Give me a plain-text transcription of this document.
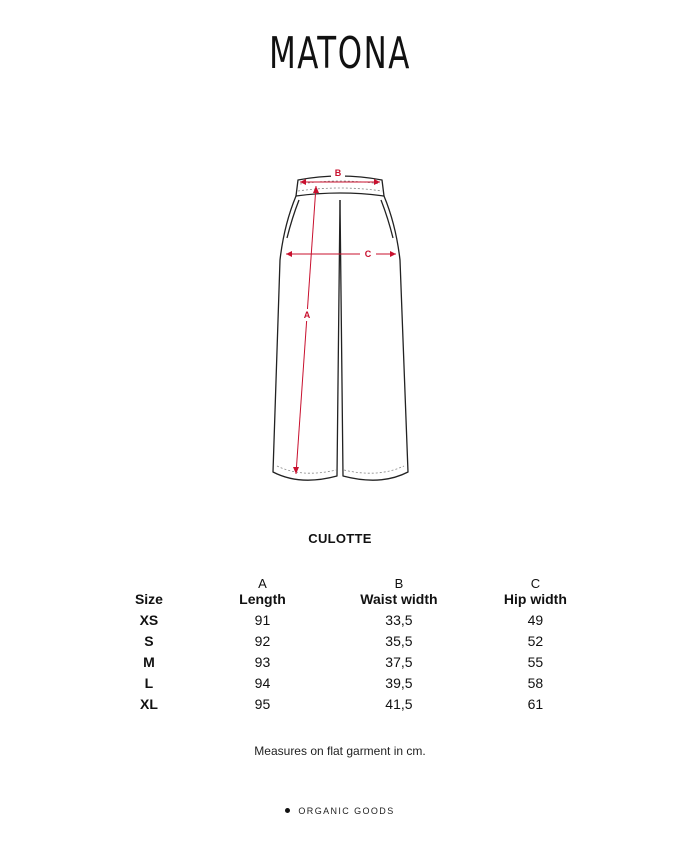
MATONA
B
C
A
CULOTTE
	A	B	C
Size	Length	Waist width	Hip width
XS	91	33,5	49
S	92	35,5	52
M	93	37,5	55
L	94	39,5	58
XL	95	41,5	61
Measures on flat garment in cm.
ORGANIC GOODS
